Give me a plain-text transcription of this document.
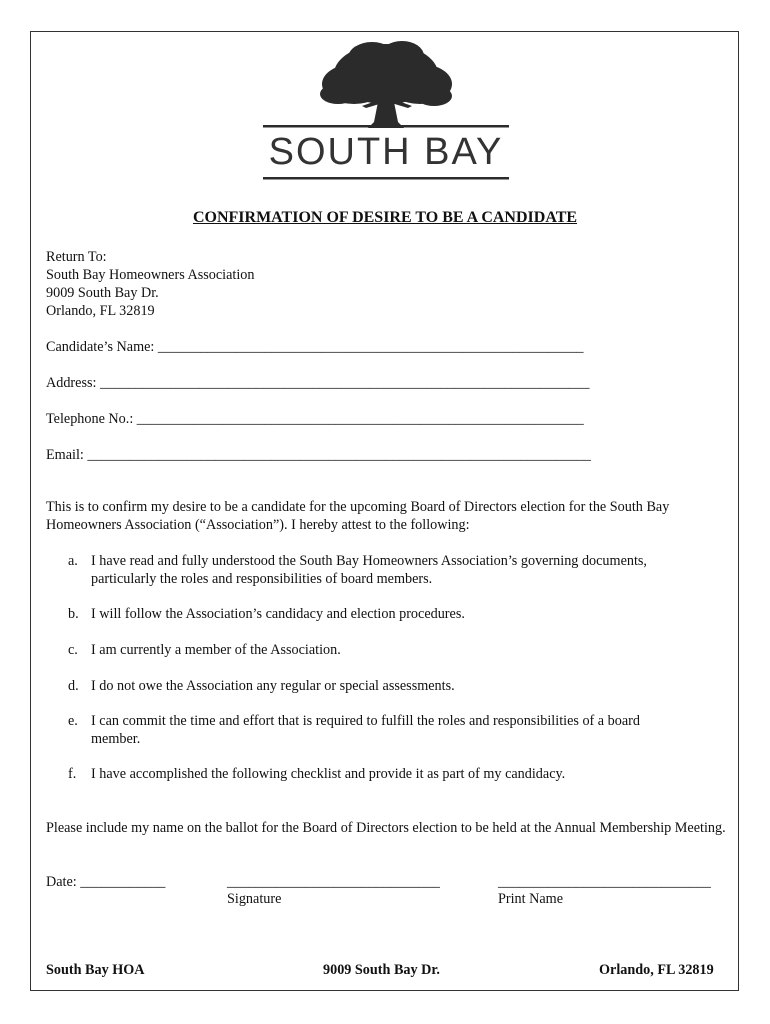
SOUTH BAY
CONFIRMATION OF DESIRE TO BE A CANDIDATE
Return To:
South Bay Homeowners Association
9009 South Bay Dr.
Orlando, FL 32819
Candidate’s Name: ____________________________________________________________
Address: _____________________________________________________________________
Telephone No.: _______________________________________________________________
Email: _______________________________________________________________________
This is to confirm my desire to be a candidate for the upcoming Board of Directors election for the South Bay Homeowners Association (“Association”). I hereby attest to the following:
a. I have read and fully understood the South Bay Homeowners Association’s governing documents, particularly the roles and responsibilities of board members.
b. I will follow the Association’s candidacy and election procedures.
c. I am currently a member of the Association.
d. I do not owe the Association any regular or special assessments.
e. I can commit the time and effort that is required to fulfill the roles and responsibilities of a board member.
f. I have accomplished the following checklist and provide it as part of my candidacy.
Please include my name on the ballot for the Board of Directors election to be held at the Annual Membership Meeting.
Date: ____________	______________________________
Signature
______________________________
Print Name
South Bay HOA	9009 South Bay Dr.	Orlando, FL 32819
